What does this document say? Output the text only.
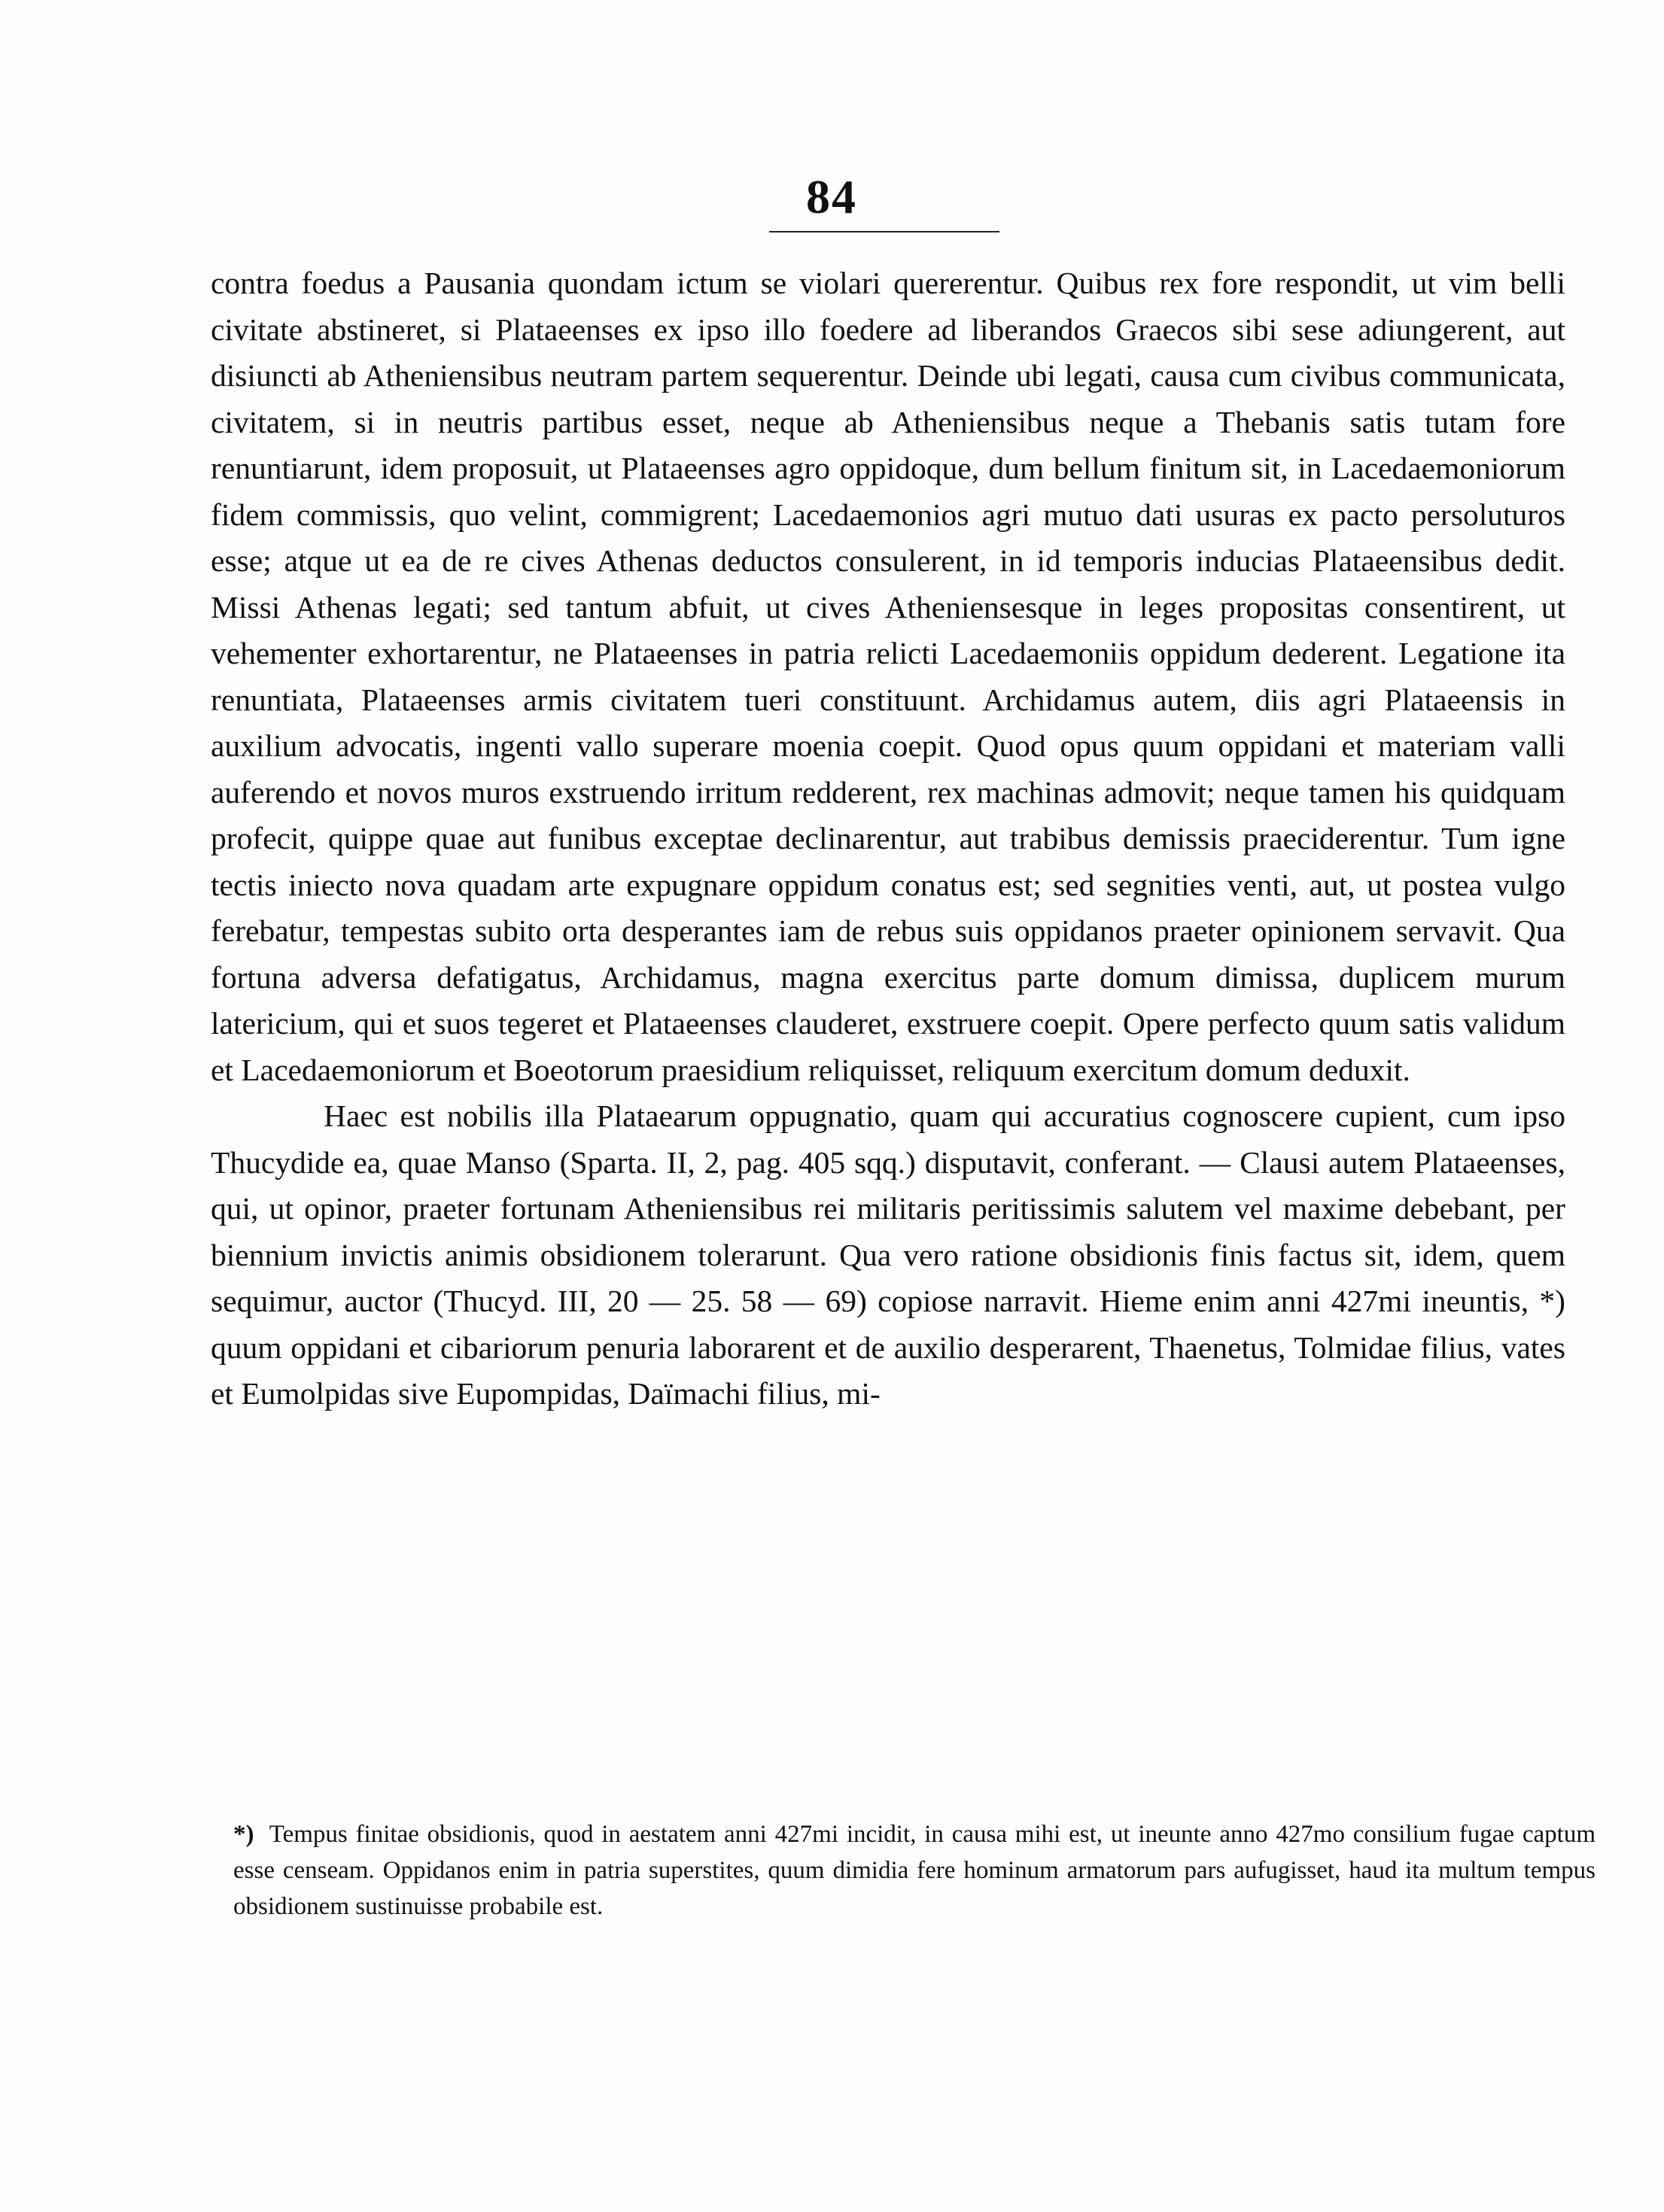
84

contra foedus a Pausania quondam ictum se violari quererentur. Quibus rex fore respondit, ut vim belli civitate abstineret, si Plataeenses ex ipso illo foedere ad liberandos Graecos sibi sese adiungerent, aut disiuncti ab Atheniensibus neutram partem sequerentur. Deinde ubi legati, causa cum civibus communicata, civitatem, si in neutris partibus esset, neque ab Atheniensibus neque a Thebanis satis tutam fore renuntiarunt, idem proposuit, ut Plataeenses agro oppidoque, dum bellum finitum sit, in Lacedaemoniorum fidem commissis, quo velint, commigrent; Lacedaemonios agri mutuo dati usuras ex pacto persoluturos esse; atque ut ea de re cives Athenas deductos consulerent, in id temporis inducias Plataeensibus dedit. Missi Athenas legati; sed tantum abfuit, ut cives Atheniensesque in leges propositas consentirent, ut vehementer exhortarentur, ne Plataeenses in patria relicti Lacedaemoniis oppidum dederent. Legatione ita renuntiata, Plataeenses armis civitatem tueri constituunt. Archidamus autem, diis agri Plataeensis in auxilium advocatis, ingenti vallo superare moenia coepit. Quod opus quum oppidani et materiam valli auferendo et novos muros exstruendo irritum redderent, rex machinas admovit; neque tamen his quidquam profecit, quippe quae aut funibus exceptae declinarentur, aut trabibus demissis praeciderentur. Tum igne tectis iniecto nova quadam arte expugnare oppidum conatus est; sed segnities venti, aut, ut postea vulgo ferebatur, tempestas subito orta desperantes iam de rebus suis oppidanos praeter opinionem servavit. Qua fortuna adversa defatigatus, Archidamus, magna exercitus parte domum dimissa, duplicem murum latericium, qui et suos tegeret et Plataeenses clauderet, exstruere coepit. Opere perfecto quum satis validum et Lacedaemoniorum et Boeotorum praesidium reliquisset, reliquum exercitum domum deduxit.

Haec est nobilis illa Plataearum oppugnatio, quam qui accuratius cognoscere cupient, cum ipso Thucydide ea, quae Manso (Sparta. II, 2, pag. 405 sqq.) disputavit, conferant. — Clausi autem Plataeenses, qui, ut opinor, praeter fortunam Atheniensibus rei militaris peritissimis salutem vel maxime debebant, per biennium invictis animis obsidionem tolerarunt. Qua vero ratione obsidionis finis factus sit, idem, quem sequimur, auctor (Thucyd. III, 20 — 25. 58 — 69) copiose narravit. Hieme enim anni 427mi ineuntis, *) quum oppidani et cibariorum penuria laborarent et de auxilio desperarent, Thaenetus, Tolmidae filius, vates et Eumolpidas sive Eupompidas, Daïmachi filius, mi-

*) Tempus finitae obsidionis, quod in aestatem anni 427mi incidit, in causa mihi est, ut ineunte anno 427mo consilium fugae captum esse censeam. Oppidanos enim in patria superstites, quum dimidia fere hominum armatorum pars aufugisset, haud ita multum tempus obsidionem sustinuisse probabile est.
